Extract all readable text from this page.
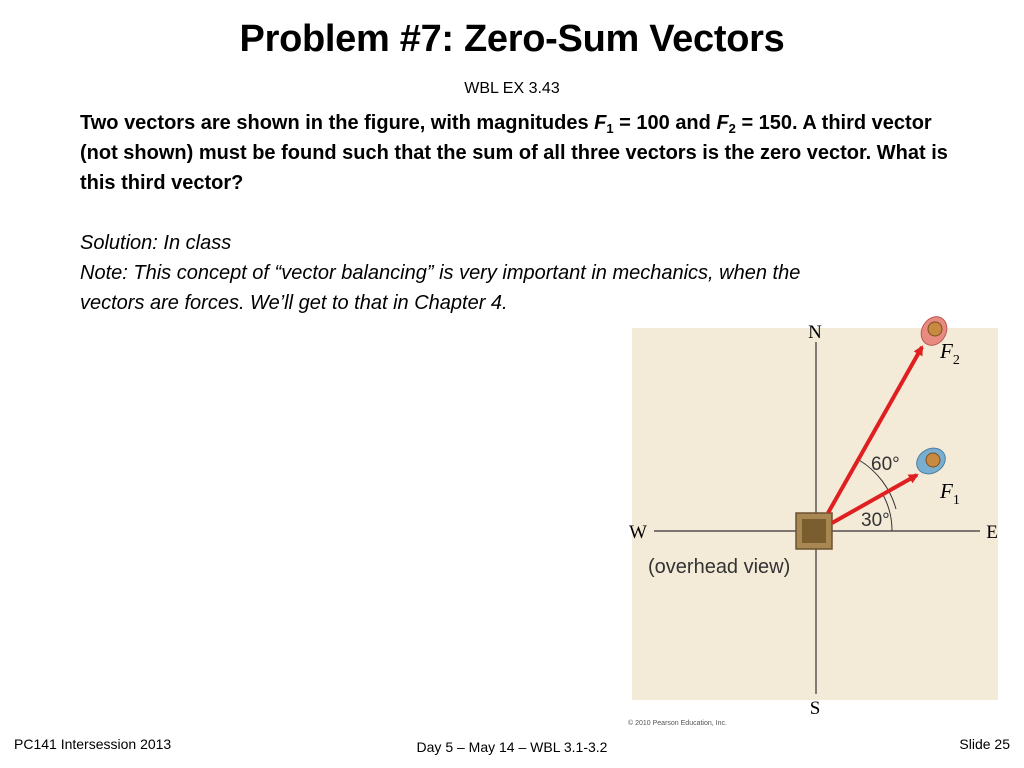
Problem #7: Zero-Sum Vectors
WBL EX 3.43
Two vectors are shown in the figure, with magnitudes $F_1 = 100$ and $F_2 = 150$. A third vector (not shown) must be found such that the sum of all three vectors is the zero vector. What is this third vector?
Solution: In class
Note: This concept of “vector balancing” is very important in mechanics, when the
vectors are forces. We’ll get to that in Chapter 4.
N
S
E
W
60°
30°
$F_1$
$F_2$
(overhead view)
© 2010 Pearson Education, Inc.
PC141 Intersession 2013	Day 5 – May 14 – WBL 3.1-3.2	Slide 25
